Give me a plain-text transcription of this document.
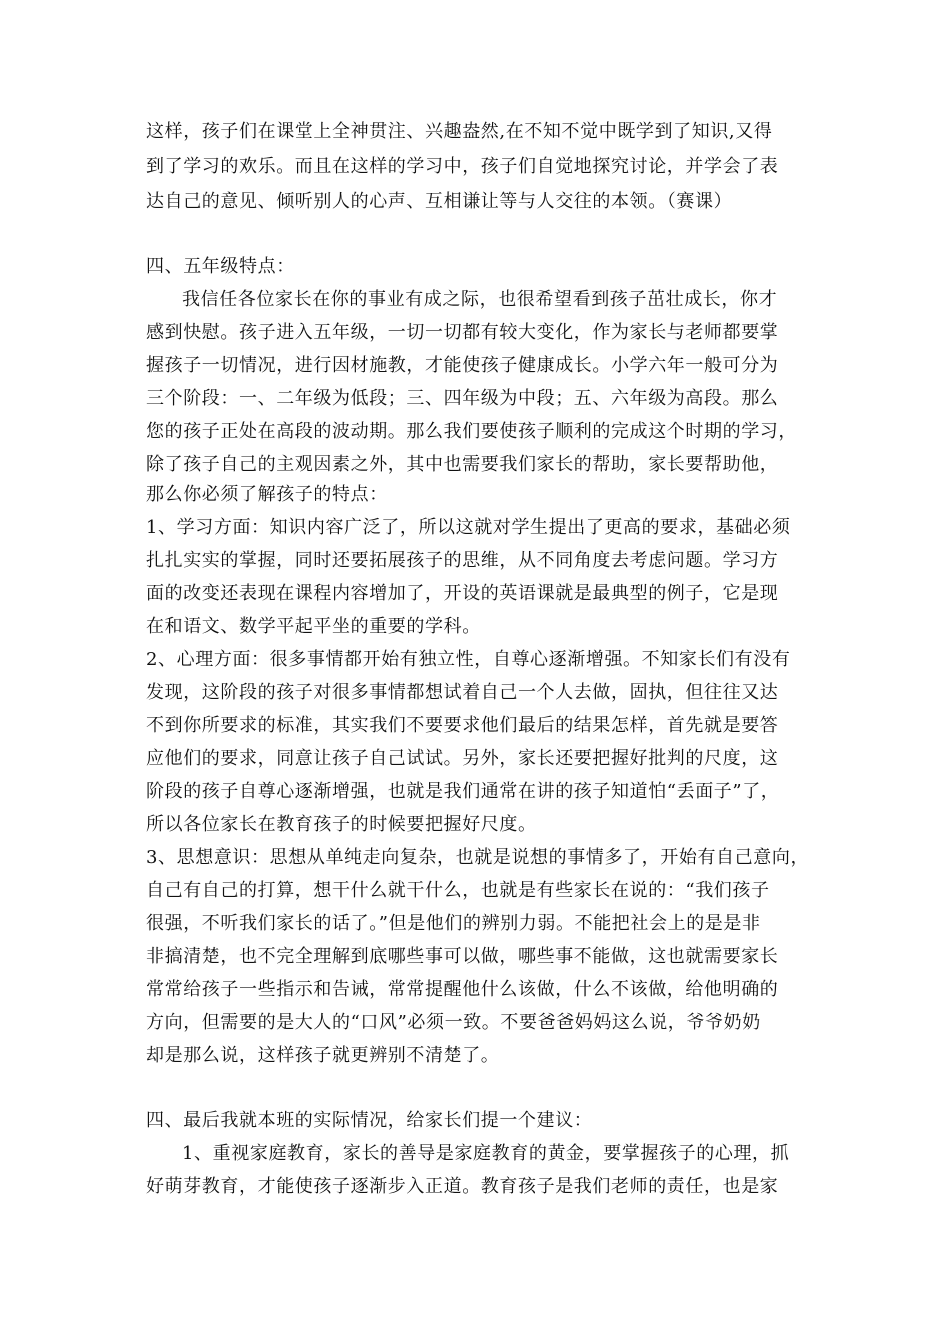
这样，孩子们在课堂上全神贯注、兴趣盎然,在不知不觉中既学到了知识,又得
到了学习的欢乐。而且在这样的学习中，孩子们自觉地探究讨论，并学会了表
达自己的意见、倾听别人的心声、互相谦让等与人交往的本领。（赛课）
四、五年级特点：
我信任各位家长在你的事业有成之际，也很希望看到孩子茁壮成长，你才
感到快慰。孩子进入五年级，一切一切都有较大变化，作为家长与老师都要掌
握孩子一切情况，进行因材施教，才能使孩子健康成长。小学六年一般可分为
三个阶段：一、二年级为低段；三、四年级为中段；五、六年级为高段。那么
您的孩子正处在高段的波动期。那么我们要使孩子顺利的完成这个时期的学习，
除了孩子自己的主观因素之外，其中也需要我们家长的帮助，家长要帮助他，
那么你必须了解孩子的特点：
1、学习方面：知识内容广泛了，所以这就对学生提出了更高的要求，基础必须
扎扎实实的掌握，同时还要拓展孩子的思维，从不同角度去考虑问题。学习方
面的改变还表现在课程内容增加了，开设的英语课就是最典型的例子，它是现
在和语文、数学平起平坐的重要的学科。
2、心理方面：很多事情都开始有独立性，自尊心逐渐增强。不知家长们有没有
发现，这阶段的孩子对很多事情都想试着自己一个人去做，固执，但往往又达
不到你所要求的标准，其实我们不要要求他们最后的结果怎样，首先就是要答
应他们的要求，同意让孩子自己试试。另外，家长还要把握好批判的尺度，这
阶段的孩子自尊心逐渐增强，也就是我们通常在讲的孩子知道怕“丢面子”了，
所以各位家长在教育孩子的时候要把握好尺度。
3、思想意识：思想从单纯走向复杂，也就是说想的事情多了，开始有自己意向，
自己有自己的打算，想干什么就干什么，也就是有些家长在说的：“我们孩子
很强，不听我们家长的话了。”但是他们的辨别力弱。不能把社会上的是是非
非搞清楚，也不完全理解到底哪些事可以做，哪些事不能做，这也就需要家长
常常给孩子一些指示和告诫，常常提醒他什么该做，什么不该做，给他明确的
方向，但需要的是大人的“口风”必须一致。不要爸爸妈妈这么说，爷爷奶奶
却是那么说，这样孩子就更辨别不清楚了。
四、最后我就本班的实际情况，给家长们提一个建议：
1、重视家庭教育，家长的善导是家庭教育的黄金，要掌握孩子的心理，抓
好萌芽教育，才能使孩子逐渐步入正道。教育孩子是我们老师的责任，也是家
